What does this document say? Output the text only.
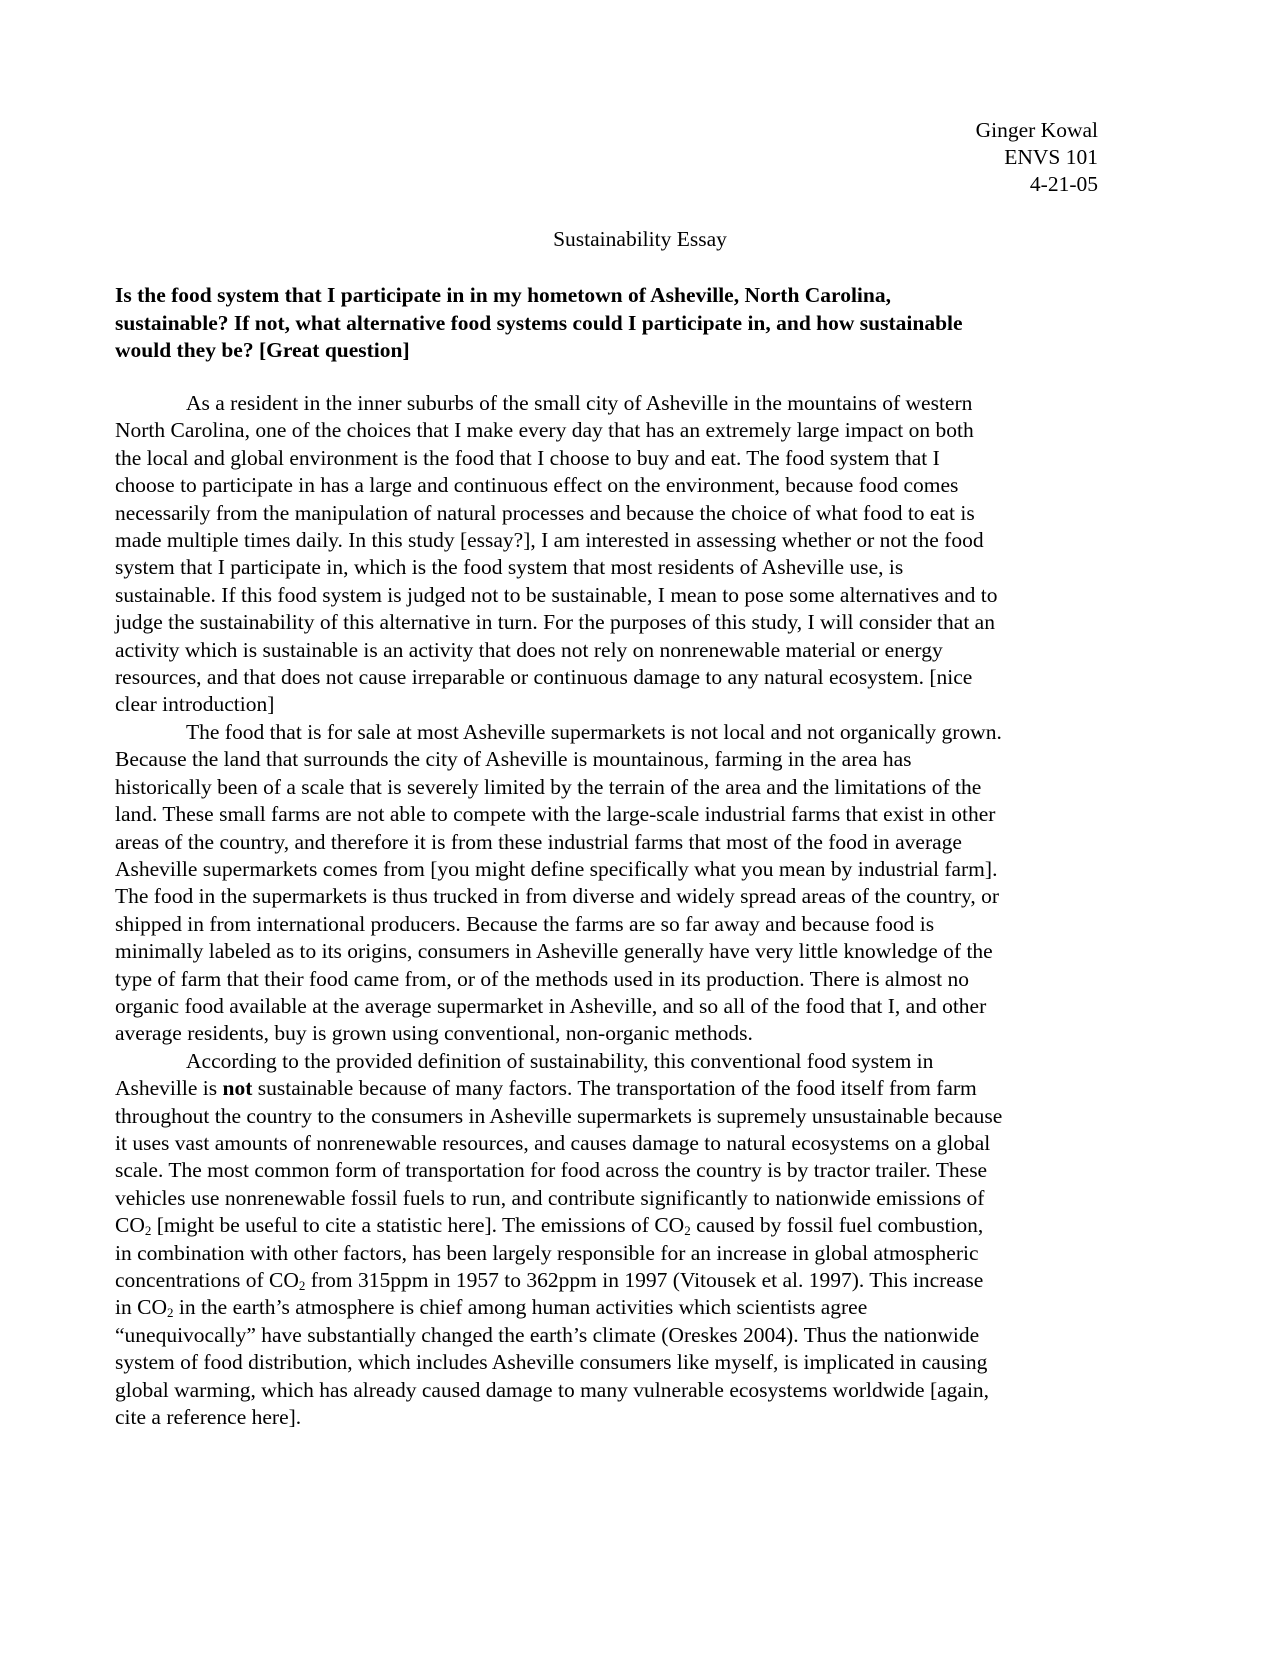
Ginger Kowal
ENVS 101
4-21-05
Sustainability Essay
Is the food system that I participate in in my hometown of Asheville, North Carolina,
sustainable? If not, what alternative food systems could I participate in, and how sustainable
would they be? [Great question]
As a resident in the inner suburbs of the small city of Asheville in the mountains of western
North Carolina, one of the choices that I make every day that has an extremely large impact on both
the local and global environment is the food that I choose to buy and eat. The food system that I
choose to participate in has a large and continuous effect on the environment, because food comes
necessarily from the manipulation of natural processes and because the choice of what food to eat is
made multiple times daily. In this study [essay?], I am interested in assessing whether or not the food
system that I participate in, which is the food system that most residents of Asheville use, is
sustainable. If this food system is judged not to be sustainable, I mean to pose some alternatives and to
judge the sustainability of this alternative in turn. For the purposes of this study, I will consider that an
activity which is sustainable is an activity that does not rely on nonrenewable material or energy
resources, and that does not cause irreparable or continuous damage to any natural ecosystem. [nice
clear introduction]
The food that is for sale at most Asheville supermarkets is not local and not organically grown.
Because the land that surrounds the city of Asheville is mountainous, farming in the area has
historically been of a scale that is severely limited by the terrain of the area and the limitations of the
land. These small farms are not able to compete with the large-scale industrial farms that exist in other
areas of the country, and therefore it is from these industrial farms that most of the food in average
Asheville supermarkets comes from [you might define specifically what you mean by industrial farm].
The food in the supermarkets is thus trucked in from diverse and widely spread areas of the country, or
shipped in from international producers. Because the farms are so far away and because food is
minimally labeled as to its origins, consumers in Asheville generally have very little knowledge of the
type of farm that their food came from, or of the methods used in its production. There is almost no
organic food available at the average supermarket in Asheville, and so all of the food that I, and other
average residents, buy is grown using conventional, non-organic methods.
According to the provided definition of sustainability, this conventional food system in
Asheville is not sustainable because of many factors. The transportation of the food itself from farm
throughout the country to the consumers in Asheville supermarkets is supremely unsustainable because
it uses vast amounts of nonrenewable resources, and causes damage to natural ecosystems on a global
scale. The most common form of transportation for food across the country is by tractor trailer. These
vehicles use nonrenewable fossil fuels to run, and contribute significantly to nationwide emissions of
$CO_2$ [might be useful to cite a statistic here]. The emissions of $CO_2$ caused by fossil fuel combustion,
in combination with other factors, has been largely responsible for an increase in global atmospheric
concentrations of $CO_2$ from 315ppm in 1957 to 362ppm in 1997 (Vitousek et al. 1997). This increase
in $CO_2$ in the earth’s atmosphere is chief among human activities which scientists agree
“unequivocally” have substantially changed the earth’s climate (Oreskes 2004). Thus the nationwide
system of food distribution, which includes Asheville consumers like myself, is implicated in causing
global warming, which has already caused damage to many vulnerable ecosystems worldwide [again,
cite a reference here].
